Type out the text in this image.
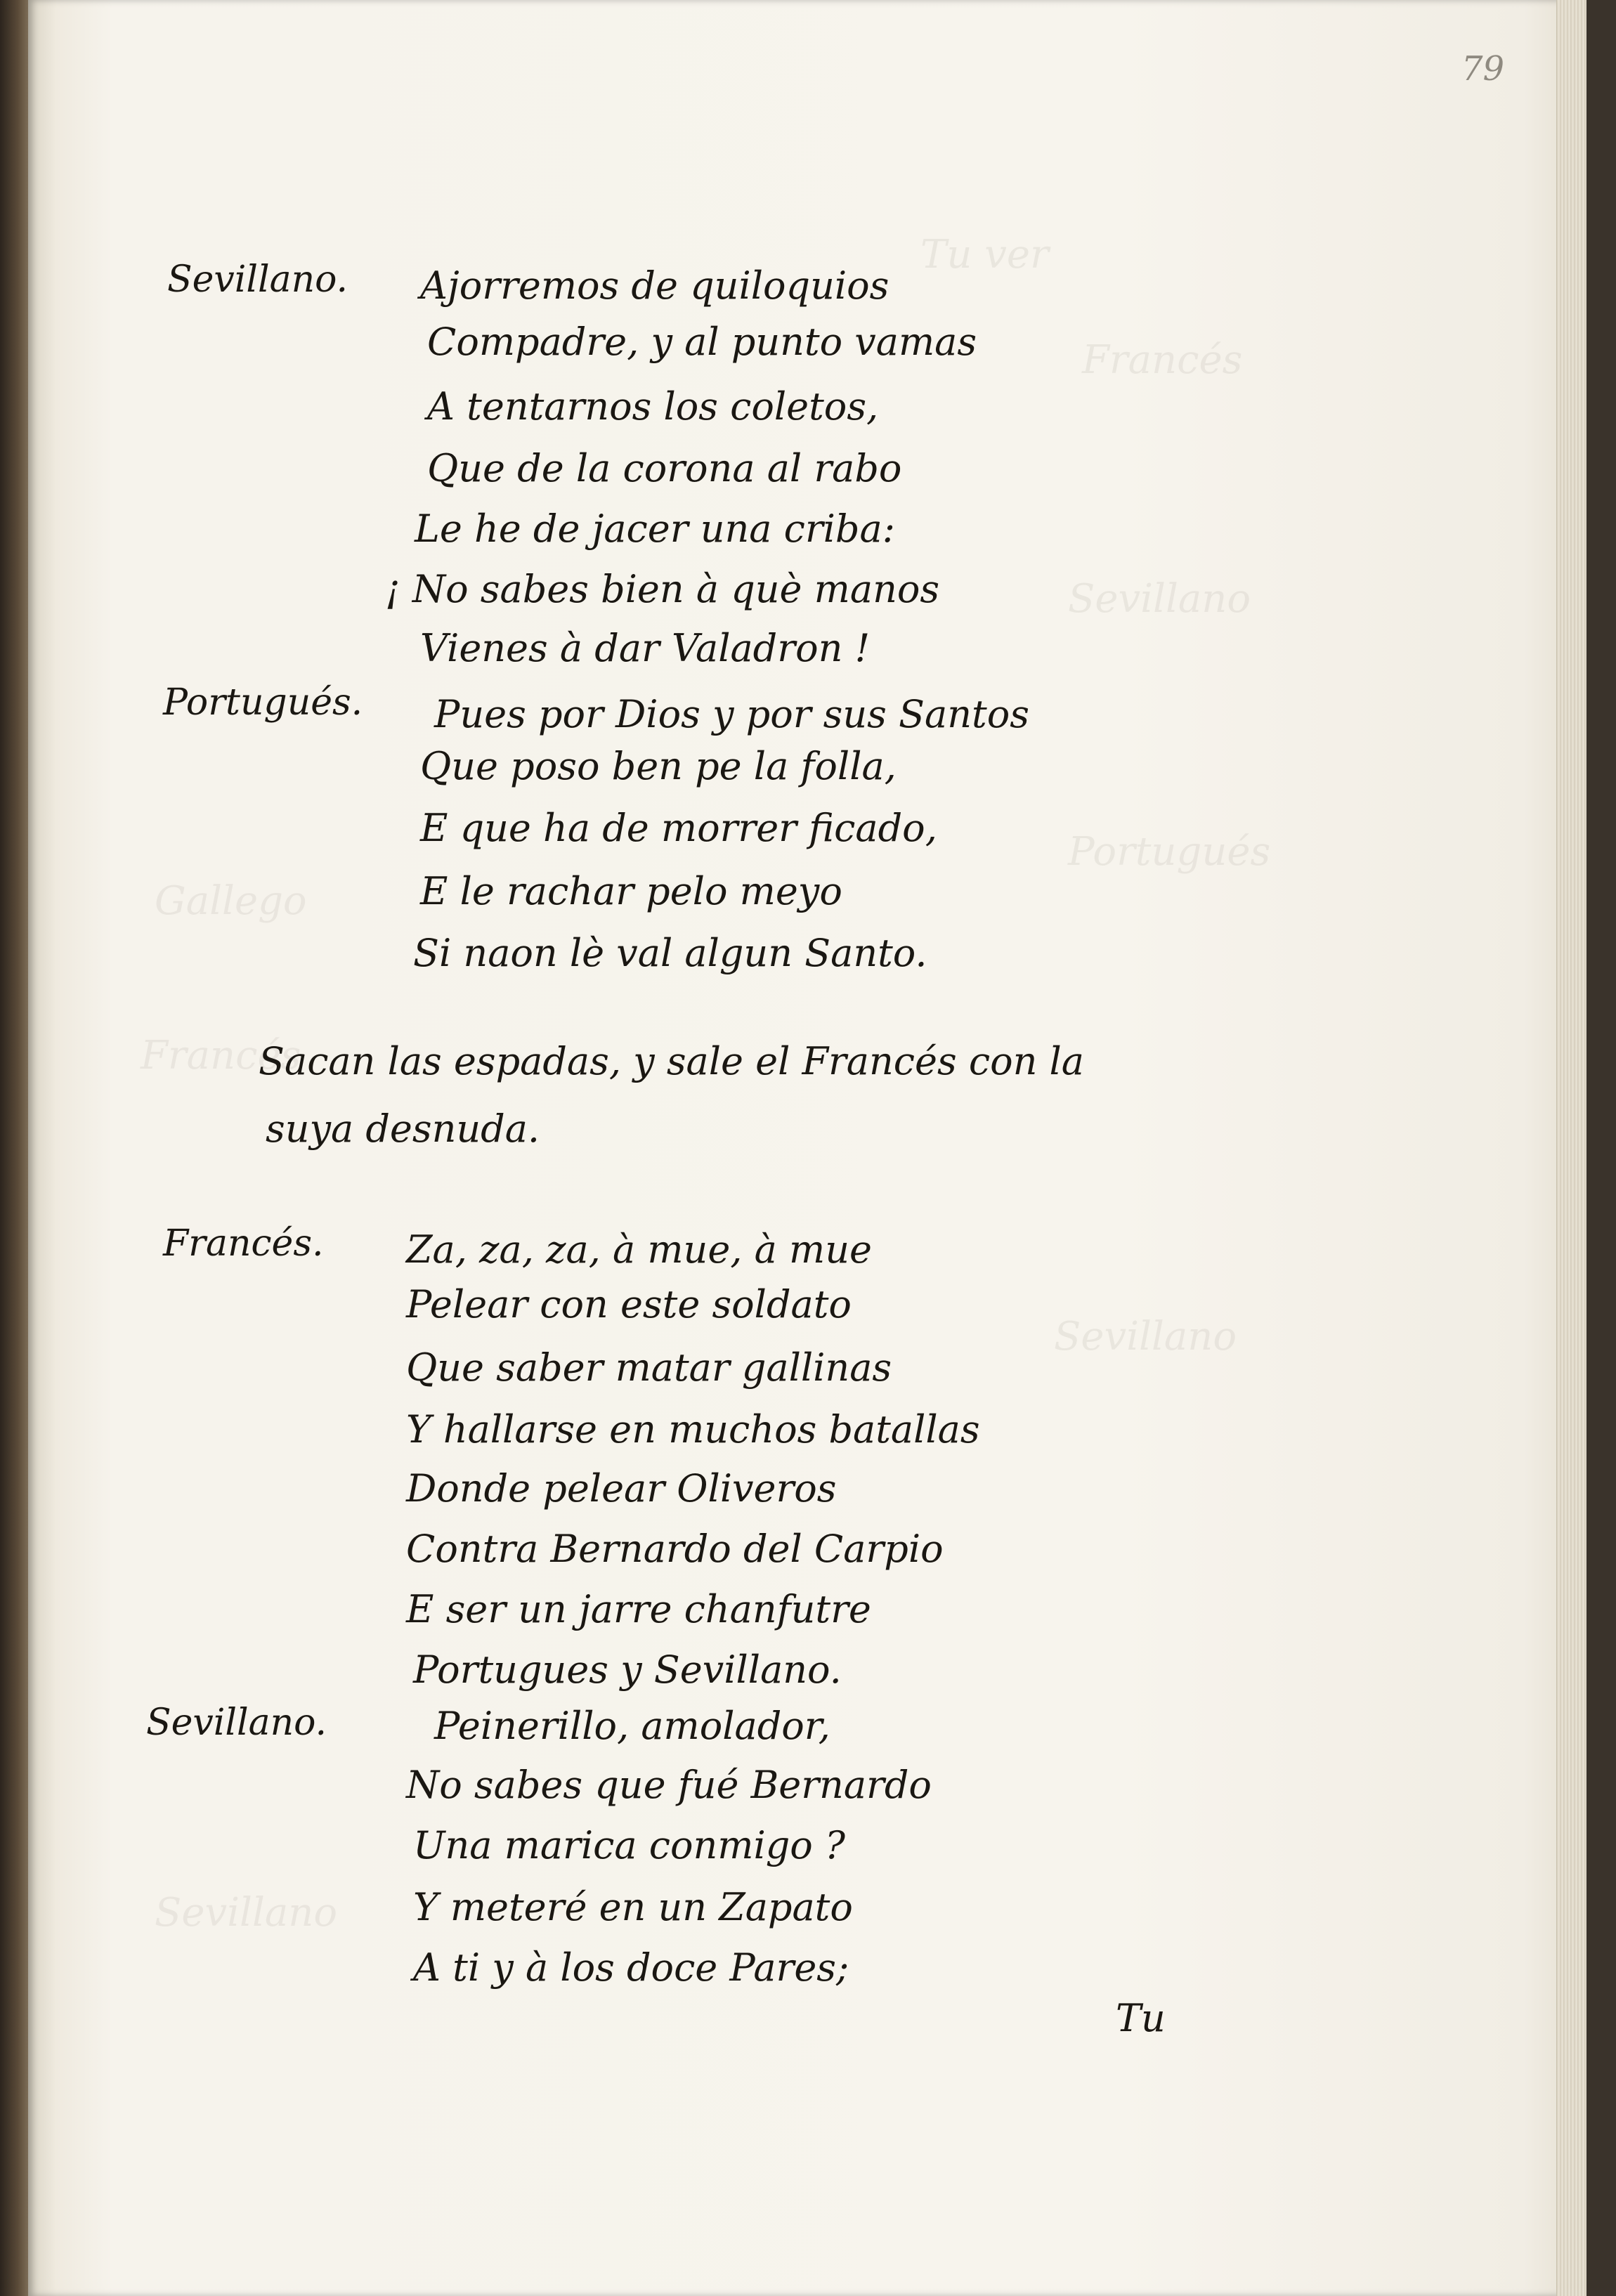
Tu ver
Francés
Sevillano
Portugués
Gallego
Francés
Sevillano
Sevillano
79
Sevillano. Ajorremos de quiloquios
Compadre, y al punto vamas
A tentarnos los coletos,
Que de la corona al rabo
Le he de jacer una criba:
¡ No sabes bien à què manos
Vienes à dar Valadron !
Portugués. Pues por Dios y por sus Santos
Que poso ben pe la folla,
E que ha de morrer ficado,
E le rachar pelo meyo
Si naon lè val algun Santo.
Sacan las espadas, y sale el Francés con la
suya desnuda.
Francés. Za, za, za, à mue, à mue
Pelear con este soldato
Que saber matar gallinas
Y hallarse en muchos batallas
Donde pelear Oliveros
Contra Bernardo del Carpio
E ser un jarre chanfutre
Portugues y Sevillano.
Sevillano.	Peinerillo, amolador,
No sabes que fué Bernardo
Una marica conmigo ?
Y meteré en un Zapato
A ti y à los doce Pares;
Tu
